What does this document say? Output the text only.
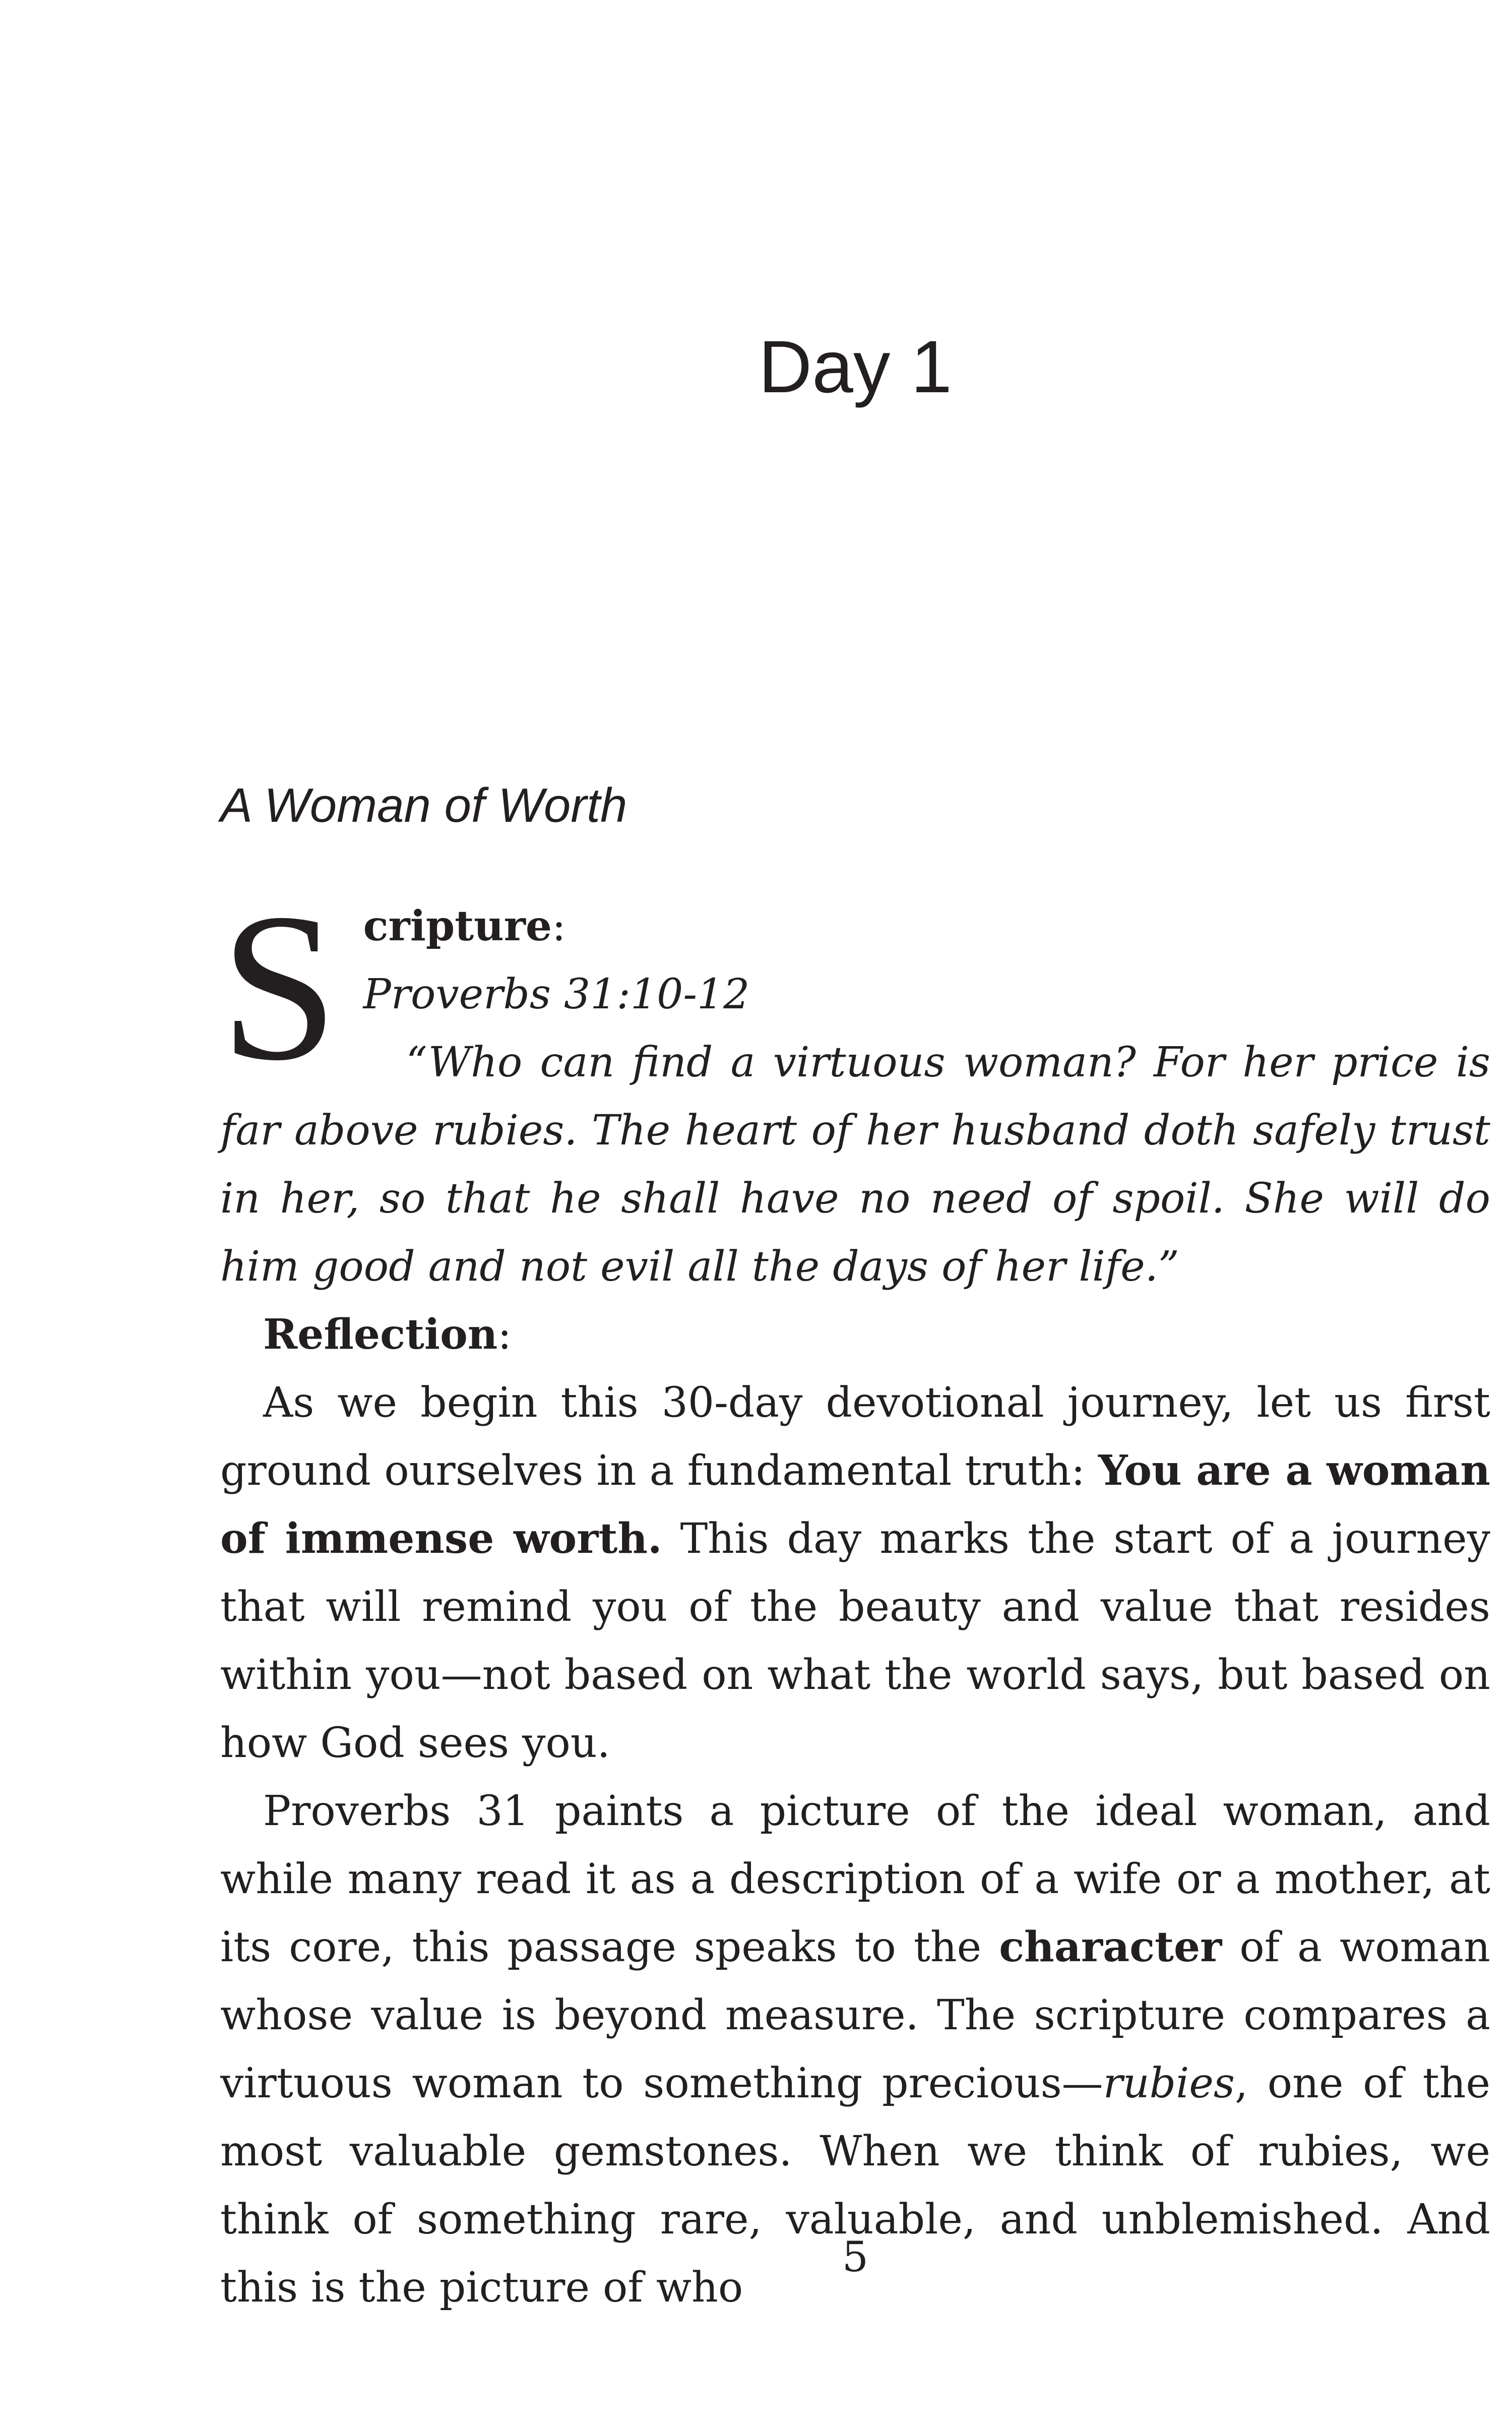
Day 1
A Woman of Worth
S cripture:

Proverbs 31:10-12

“Who can find a virtuous woman? For her price is far above rubies. The heart of her husband doth safely trust in her, so that he shall have no need of spoil. She will do him good and not evil all the days of her life.”

Reflection:

As we begin this 30-day devotional journey, let us first ground ourselves in a fundamental truth: You are a woman of immense worth. This day marks the start of a journey that will remind you of the beauty and value that resides within you—not based on what the world says, but based on how God sees you.

Proverbs 31 paints a picture of the ideal woman, and while many read it as a description of a wife or a mother, at its core, this passage speaks to the character of a woman whose value is beyond measure. The scripture compares a virtuous woman to something precious—rubies, one of the most valuable gemstones. When we think of rubies, we think of something rare, valuable, and unblemished. And this is the picture of who

5
